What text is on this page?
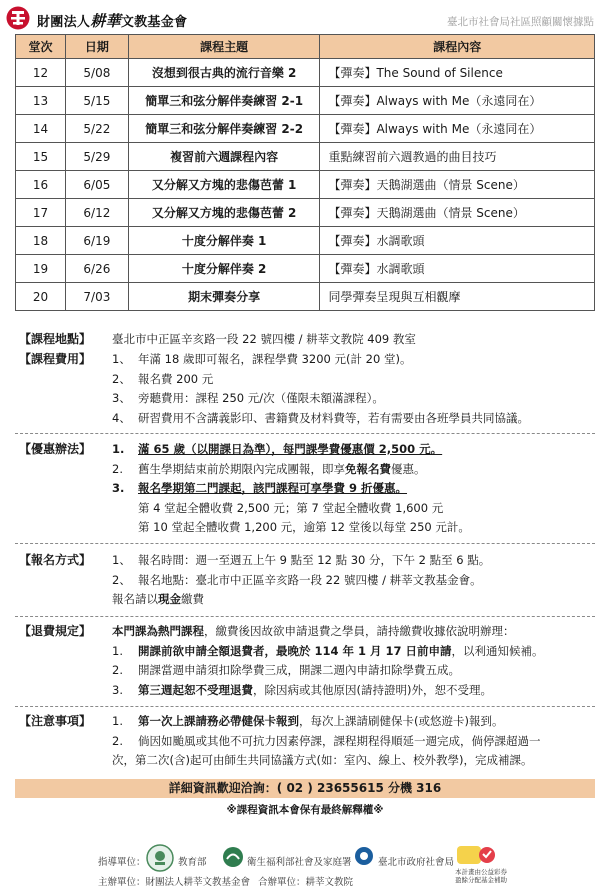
財團法人耕華文教基金會	臺北市社會局社區照顧關懷據點
堂次	日期	課程主題	課程內容
12	5/08	沒想到很古典的流行音樂 2	【彈奏】The Sound of Silence
13	5/15	簡單三和弦分解伴奏練習 2-1	【彈奏】Always with Me（永遠同在）
14	5/22	簡單三和弦分解伴奏練習 2-2	【彈奏】Always with Me（永遠同在）
15	5/29	複習前六週課程內容	重點練習前六週教過的曲目技巧
16	6/05	又分解又方塊的悲傷芭蕾 1	【彈奏】天鵝湖選曲（情景 Scene）
17	6/12	又分解又方塊的悲傷芭蕾 2	【彈奏】天鵝湖選曲（情景 Scene）
18	6/19	十度分解伴奏 1	【彈奏】水調歌頭
19	6/26	十度分解伴奏 2	【彈奏】水調歌頭
20	7/03	期末彈奏分享	同學彈奏呈現與互相觀摩
【課程地點】 臺北市中正區辛亥路一段 22 號四樓 / 耕莘文教院 409 教室
【課程費用】 1、 年滿 18 歲即可報名，課程學費 3200 元(計 20 堂)。
2、 報名費 200 元
3、 旁聽費用：課程 250 元/次（僅限未額滿課程）。
4、 研習費用不含講義影印、書籍費及材料費等，若有需要由各班學員共同協議。
【優惠辦法】 1. 滿 65 歲（以開課日為準），每門課學費優惠價 2,500 元。
2. 舊生學期結束前於期限內完成團報，即享免報名費優惠。
3. 報名學期第二門課起，該門課程可享學費 9 折優惠。
第 4 堂起全體收費 2,500 元；第 7 堂起全體收費 1,600 元
第 10 堂起全體收費 1,200 元，逾第 12 堂後以每堂 250 元計。
【報名方式】 1、 報名時間：週一至週五上午 9 點至 12 點 30 分，下午 2 點至 6 點。
2、 報名地點：臺北市中正區辛亥路一段 22 號四樓 / 耕莘文教基金會。
報名請以現金繳費
【退費規定】 本門課為熱門課程，繳費後因故欲申請退費之學員，請持繳費收據依說明辦理：
1. 開課前欲申請全額退費者，最晚於 114 年 1 月 17 日前申請，以利通知候補。
2. 開課當週申請須扣除學費三成，開課二週內申請扣除學費五成。
3. 第三週起恕不受理退費，除因病或其他原因(請持證明)外，恕不受理。
【注意事項】 1. 第一次上課請務必帶健保卡報到，每次上課請刷健保卡(或悠遊卡)報到。
2. 倘因如颱風或其他不可抗力因素停課，課程期程得順延一週完成，倘停課超過一
次，第二次(含)起可由師生共同協議方式(如：室內、線上、校外教學)，完成補課。
詳細資訊歡迎洽詢：( 02 ) 23655615 分機 316
※課程資訊本會保有最終解釋權※
指導單位：	教育部	衛生福利部社會及家庭署	臺北市政府社會局
本計畫由公益彩券
盈餘分配基金補助
主辦單位：財團法人耕莘文教基金會 合辦單位：耕莘文教院
